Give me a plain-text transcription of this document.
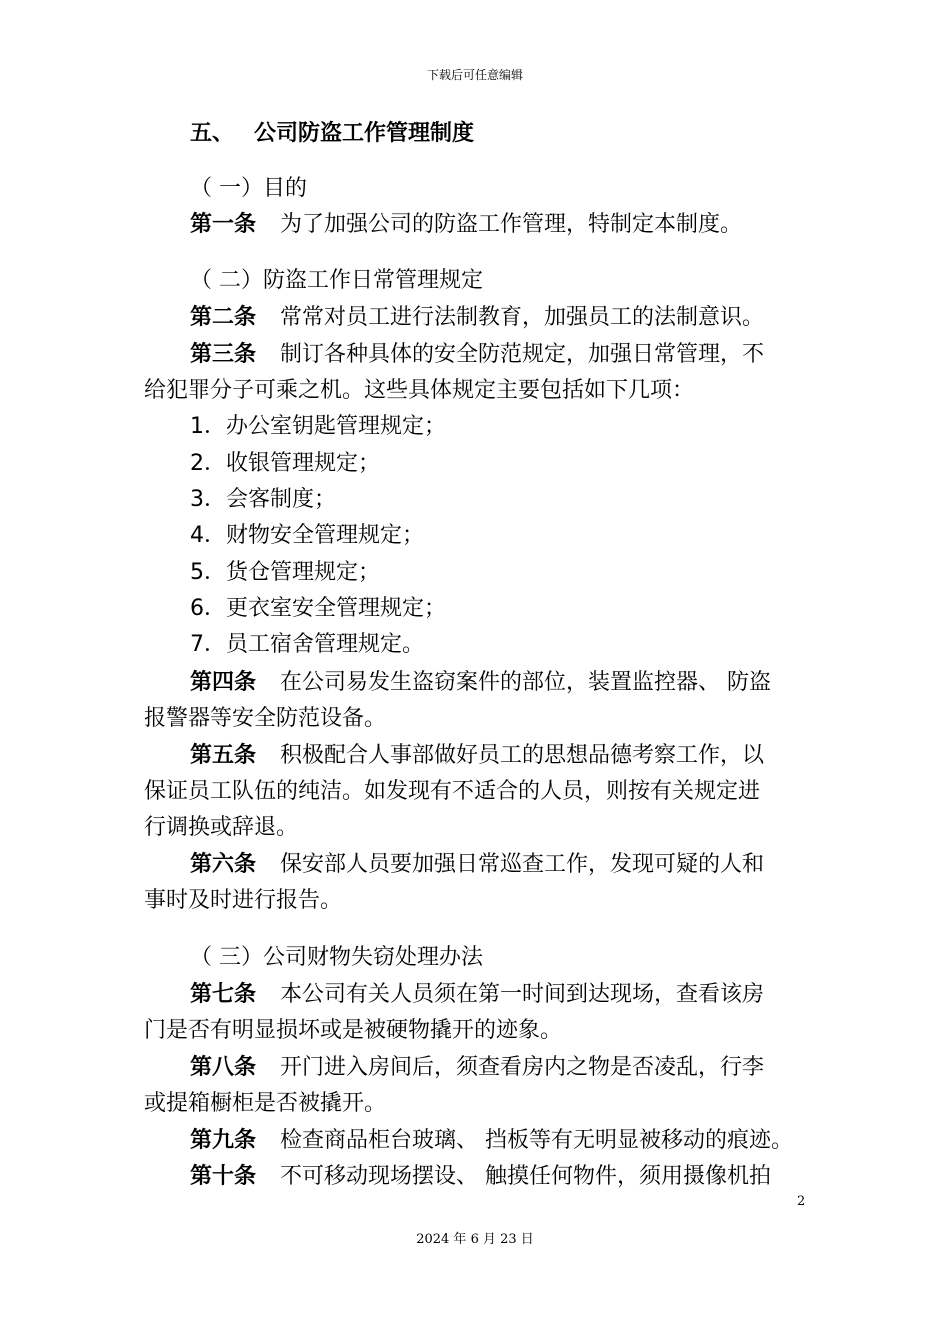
下载后可任意编辑
五、 公司防盗工作管理制度
（ 一）目的
第一条 为了加强公司的防盗工作管理，特制定本制度。
（ 二）防盗工作日常管理规定
第二条 常常对员工进行法制教育，加强员工的法制意识。
第三条 制订各种具体的安全防范规定，加强日常管理，不
给犯罪分子可乘之机。这些具体规定主要包括如下几项：
1．办公室钥匙管理规定；
2．收银管理规定；
3．会客制度；
4．财物安全管理规定；
5．货仓管理规定；
6．更衣室安全管理规定；
7．员工宿舍管理规定。
第四条 在公司易发生盗窃案件的部位，装置监控器、 防盗
报警器等安全防范设备。
第五条 积极配合人事部做好员工的思想品德考察工作，以
保证员工队伍的纯洁。如发现有不适合的人员，则按有关规定进
行调换或辞退。
第六条 保安部人员要加强日常巡查工作，发现可疑的人和
事时及时进行报告。
（ 三）公司财物失窃处理办法
第七条 本公司有关人员须在第一时间到达现场，查看该房
门是否有明显损坏或是被硬物撬开的迹象。
第八条 开门进入房间后，须查看房内之物是否凌乱，行李
或提箱橱柜是否被撬开。
第九条 检查商品柜台玻璃、 挡板等有无明显被移动的痕迹。
第十条 不可移动现场摆设、 触摸任何物件，须用摄像机拍
2
2024 年 6 月 23 日
